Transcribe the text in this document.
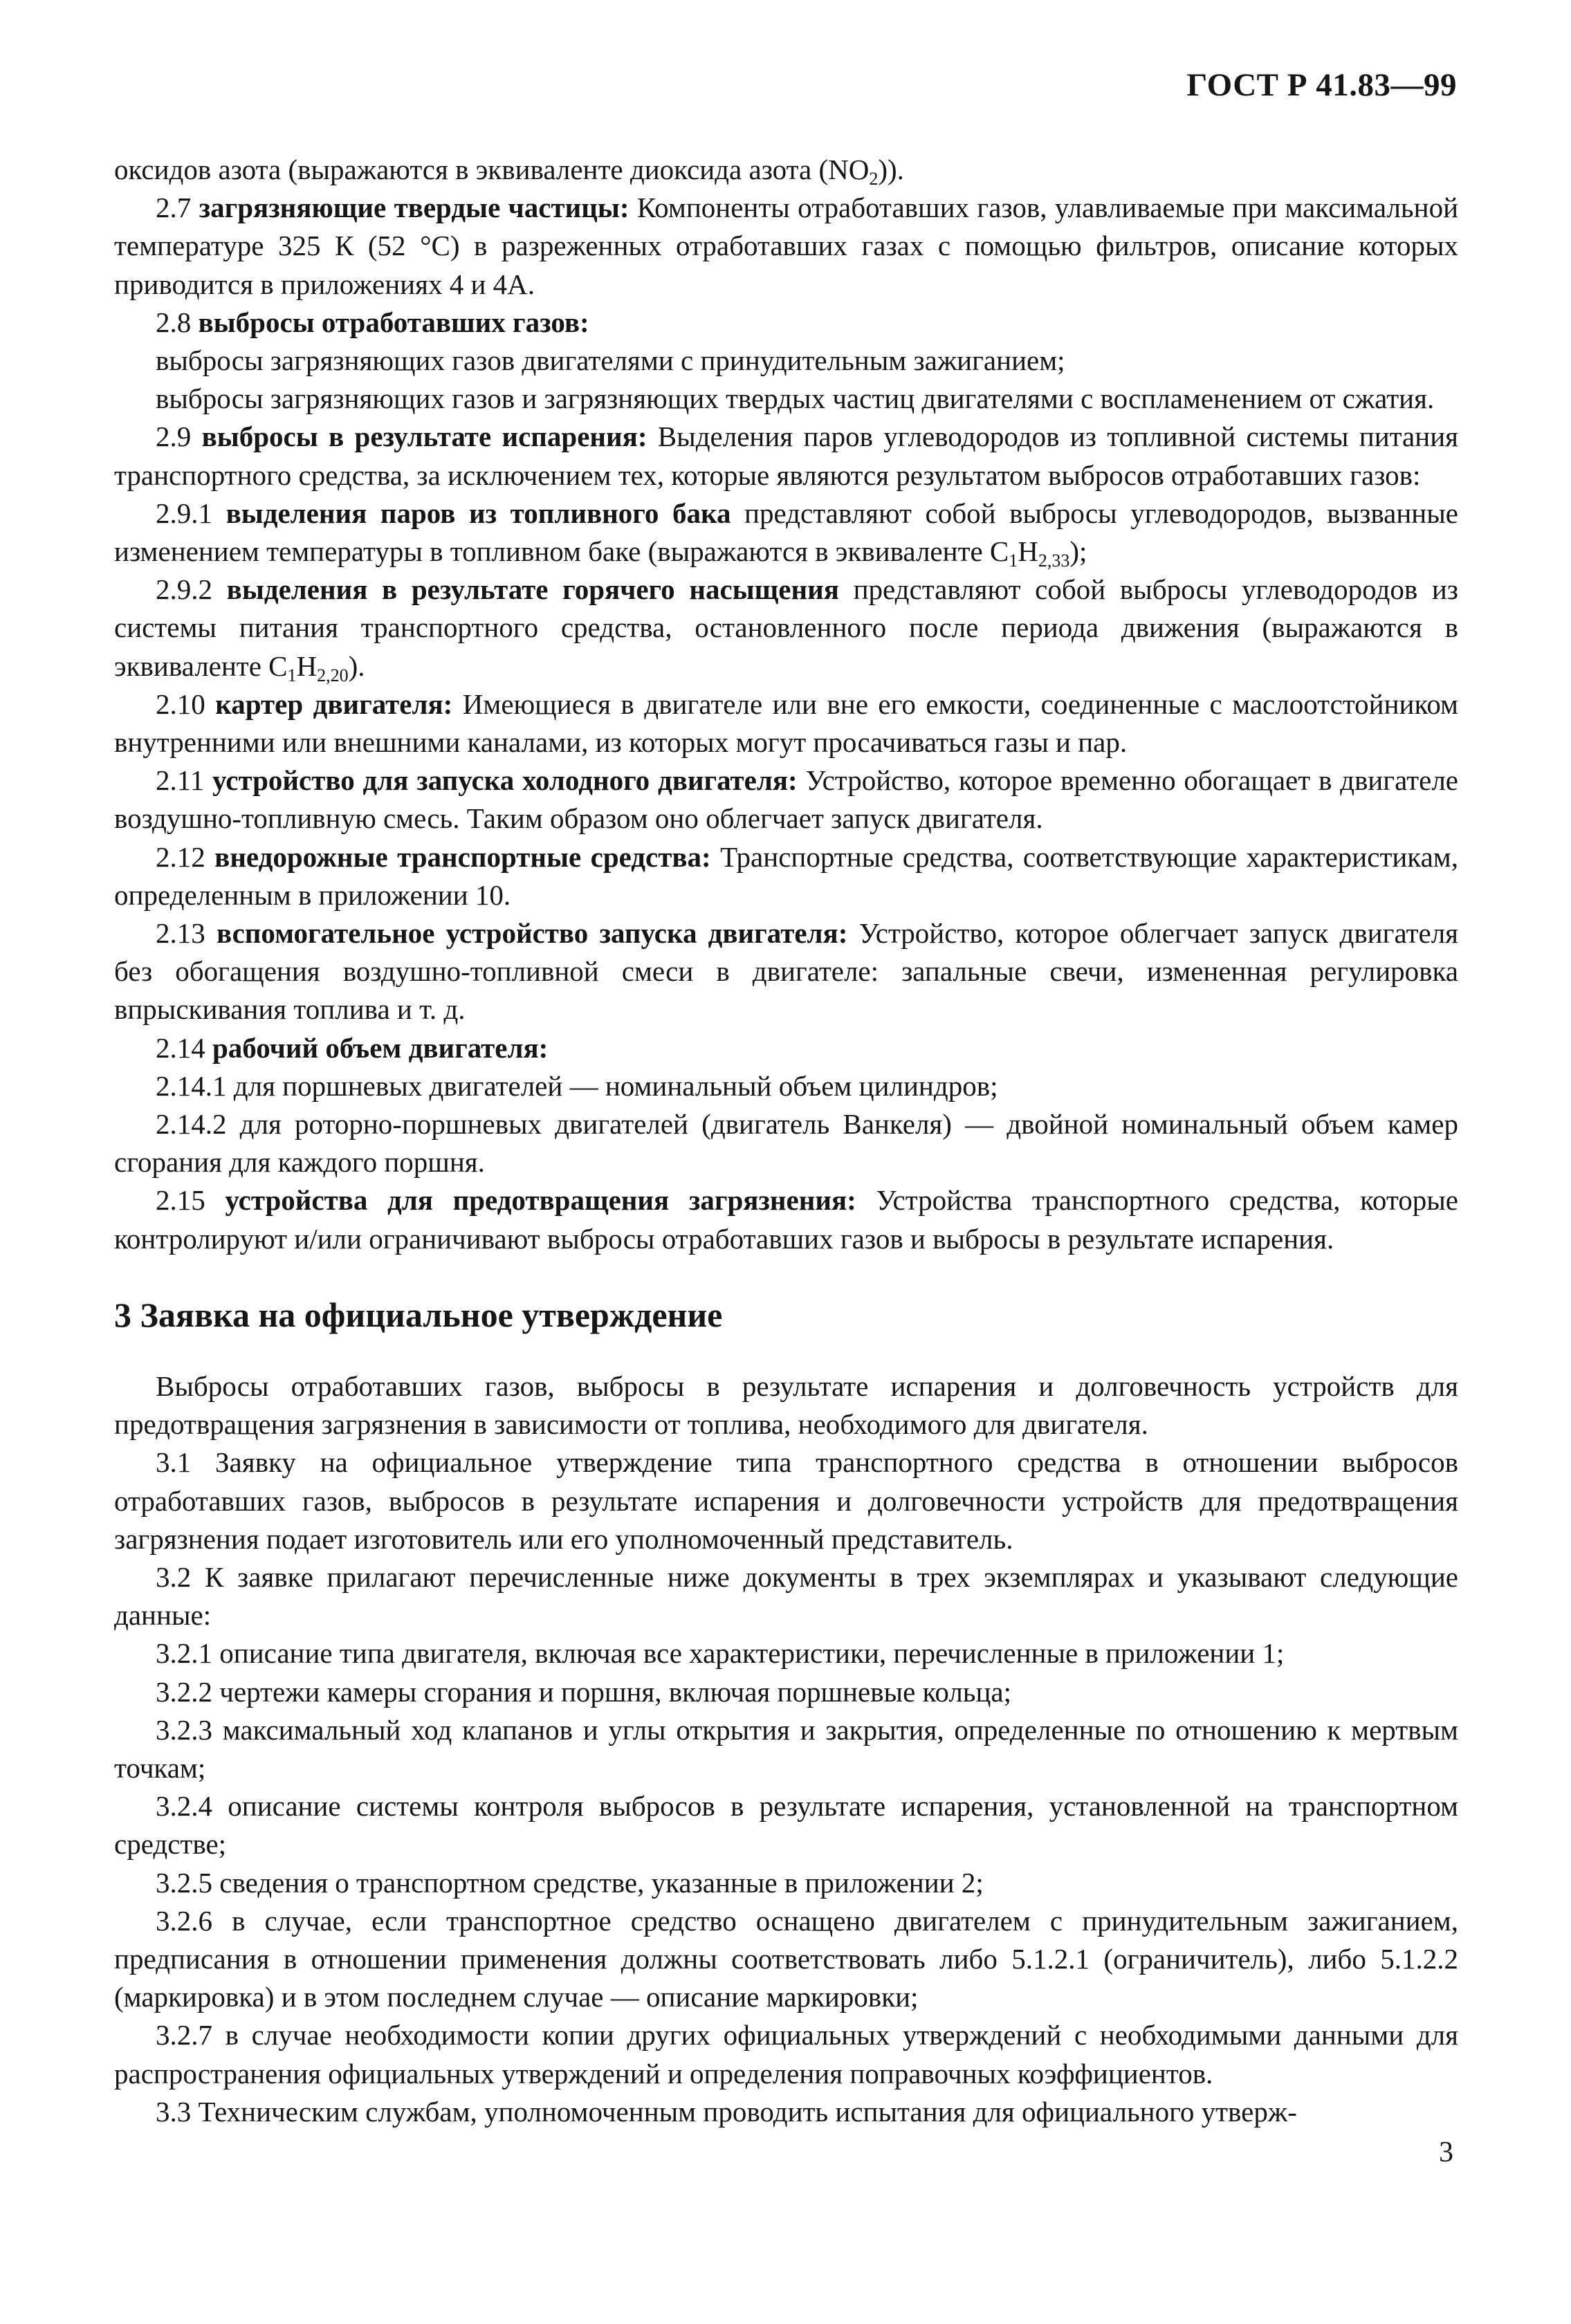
ГОСТ Р 41.83—99

оксидов азота (выражаются в эквиваленте диоксида азота $(NO_2)$).

2.7 загрязняющие твердые частицы: Компоненты отработавших газов, улавливаемые при максимальной температуре 325 К (52 °C) в разреженных отработавших газах с помощью фильтров, описание которых приводится в приложениях 4 и 4А.

2.8 выбросы отработавших газов:

выбросы загрязняющих газов двигателями с принудительным зажиганием;

выбросы загрязняющих газов и загрязняющих твердых частиц двигателями с воспламенением от сжатия.

2.9 выбросы в результате испарения: Выделения паров углеводородов из топливной системы питания транспортного средства, за исключением тех, которые являются результатом выбросов отработавших газов:

2.9.1 выделения паров из топливного бака представляют собой выбросы углеводородов, вызванные изменением температуры в топливном баке (выражаются в эквиваленте $C_1H_{2,33}$);

2.9.2 выделения в результате горячего насыщения представляют собой выбросы углеводородов из системы питания транспортного средства, остановленного после периода движения (выражаются в эквиваленте $C_1H_{2,20}$).

2.10 картер двигателя: Имеющиеся в двигателе или вне его емкости, соединенные с маслоотстойником внутренними или внешними каналами, из которых могут просачиваться газы и пар.

2.11 устройство для запуска холодного двигателя: Устройство, которое временно обогащает в двигателе воздушно-топливную смесь. Таким образом оно облегчает запуск двигателя.

2.12 внедорожные транспортные средства: Транспортные средства, соответствующие характеристикам, определенным в приложении 10.

2.13 вспомогательное устройство запуска двигателя: Устройство, которое облегчает запуск двигателя без обогащения воздушно-топливной смеси в двигателе: запальные свечи, измененная регулировка впрыскивания топлива и т. д.

2.14 рабочий объем двигателя:

2.14.1 для поршневых двигателей — номинальный объем цилиндров;

2.14.2 для роторно-поршневых двигателей (двигатель Ванкеля) — двойной номинальный объем камер сгорания для каждого поршня.

2.15 устройства для предотвращения загрязнения: Устройства транспортного средства, которые контролируют и/или ограничивают выбросы отработавших газов и выбросы в результате испарения.

3 Заявка на официальное утверждение

Выбросы отработавших газов, выбросы в результате испарения и долговечность устройств для предотвращения загрязнения в зависимости от топлива, необходимого для двигателя.

3.1 Заявку на официальное утверждение типа транспортного средства в отношении выбросов отработавших газов, выбросов в результате испарения и долговечности устройств для предотвращения загрязнения подает изготовитель или его уполномоченный представитель.

3.2 К заявке прилагают перечисленные ниже документы в трех экземплярах и указывают следующие данные:

3.2.1 описание типа двигателя, включая все характеристики, перечисленные в приложении 1;

3.2.2 чертежи камеры сгорания и поршня, включая поршневые кольца;

3.2.3 максимальный ход клапанов и углы открытия и закрытия, определенные по отношению к мертвым точкам;

3.2.4 описание системы контроля выбросов в результате испарения, установленной на транспортном средстве;

3.2.5 сведения о транспортном средстве, указанные в приложении 2;

3.2.6 в случае, если транспортное средство оснащено двигателем с принудительным зажиганием, предписания в отношении применения должны соответствовать либо 5.1.2.1 (ограничитель), либо 5.1.2.2 (маркировка) и в этом последнем случае — описание маркировки;

3.2.7 в случае необходимости копии других официальных утверждений с необходимыми данными для распространения официальных утверждений и определения поправочных коэффициентов.

3.3 Техническим службам, уполномоченным проводить испытания для официального утверж-

3
